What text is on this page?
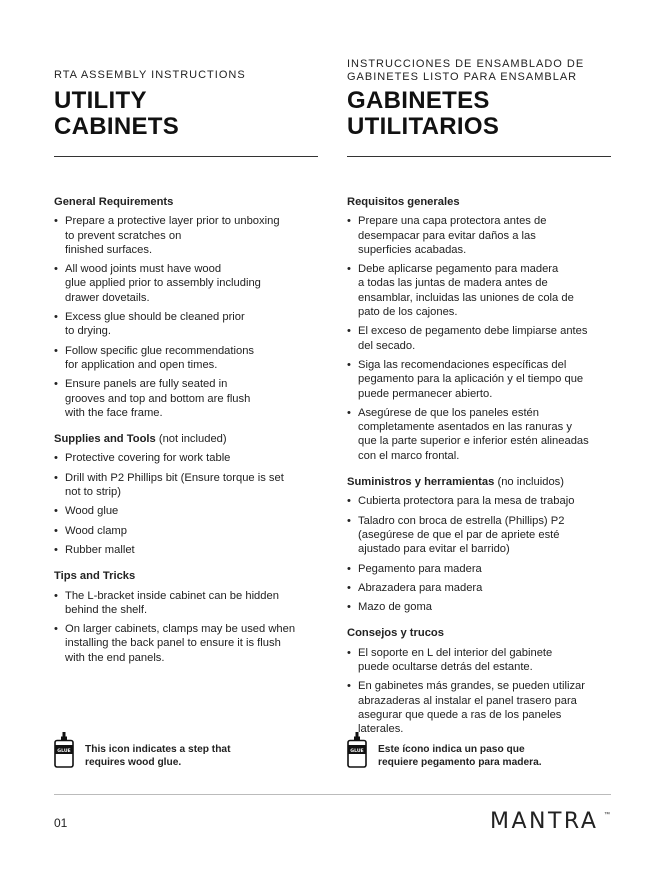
RTA ASSEMBLY INSTRUCTIONS
UTILITY
CABINETS
General Requirements
• Prepare a protective layer prior to unboxing
to prevent scratches on
finished surfaces.
• All wood joints must have wood
glue applied prior to assembly including
drawer dovetails.
• Excess glue should be cleaned prior
to drying.
• Follow specific glue recommendations
for application and open times.
• Ensure panels are fully seated in
grooves and top and bottom are flush
with the face frame.
Supplies and Tools (not included)
• Protective covering for work table
• Drill with P2 Phillips bit (Ensure torque is set
not to strip)
• Wood glue
• Wood clamp
• Rubber mallet
Tips and Tricks
• The L-bracket inside cabinet can be hidden
behind the shelf.
• On larger cabinets, clamps may be used when
installing the back panel to ensure it is flush
with the end panels.
GLUE This icon indicates a step that
requires wood glue.
INSTRUCCIONES DE ENSAMBLADO DE
GABINETES LISTO PARA ENSAMBLAR
GABINETES
UTILITARIOS
Requisitos generales
• Prepare una capa protectora antes de
desempacar para evitar daños a las
superficies acabadas.
• Debe aplicarse pegamento para madera
a todas las juntas de madera antes de
ensamblar, incluidas las uniones de cola de
pato de los cajones.
• El exceso de pegamento debe limpiarse antes
del secado.
• Siga las recomendaciones específicas del
pegamento para la aplicación y el tiempo que
puede permanecer abierto.
• Asegúrese de que los paneles estén
completamente asentados en las ranuras y
que la parte superior e inferior estén alineadas
con el marco frontal.
Suministros y herramientas (no incluidos)
• Cubierta protectora para la mesa de trabajo
• Taladro con broca de estrella (Phillips) P2
(asegúrese de que el par de apriete esté
ajustado para evitar el barrido)
• Pegamento para madera
• Abrazadera para madera
• Mazo de goma
Consejos y trucos
• El soporte en L del interior del gabinete
puede ocultarse detrás del estante.
• En gabinetes más grandes, se pueden utilizar
abrazaderas al instalar el panel trasero para
asegurar que quede a ras de los paneles
laterales.
GLUE Este ícono indica un paso que
requiere pegamento para madera.
01	MANTRA ™
